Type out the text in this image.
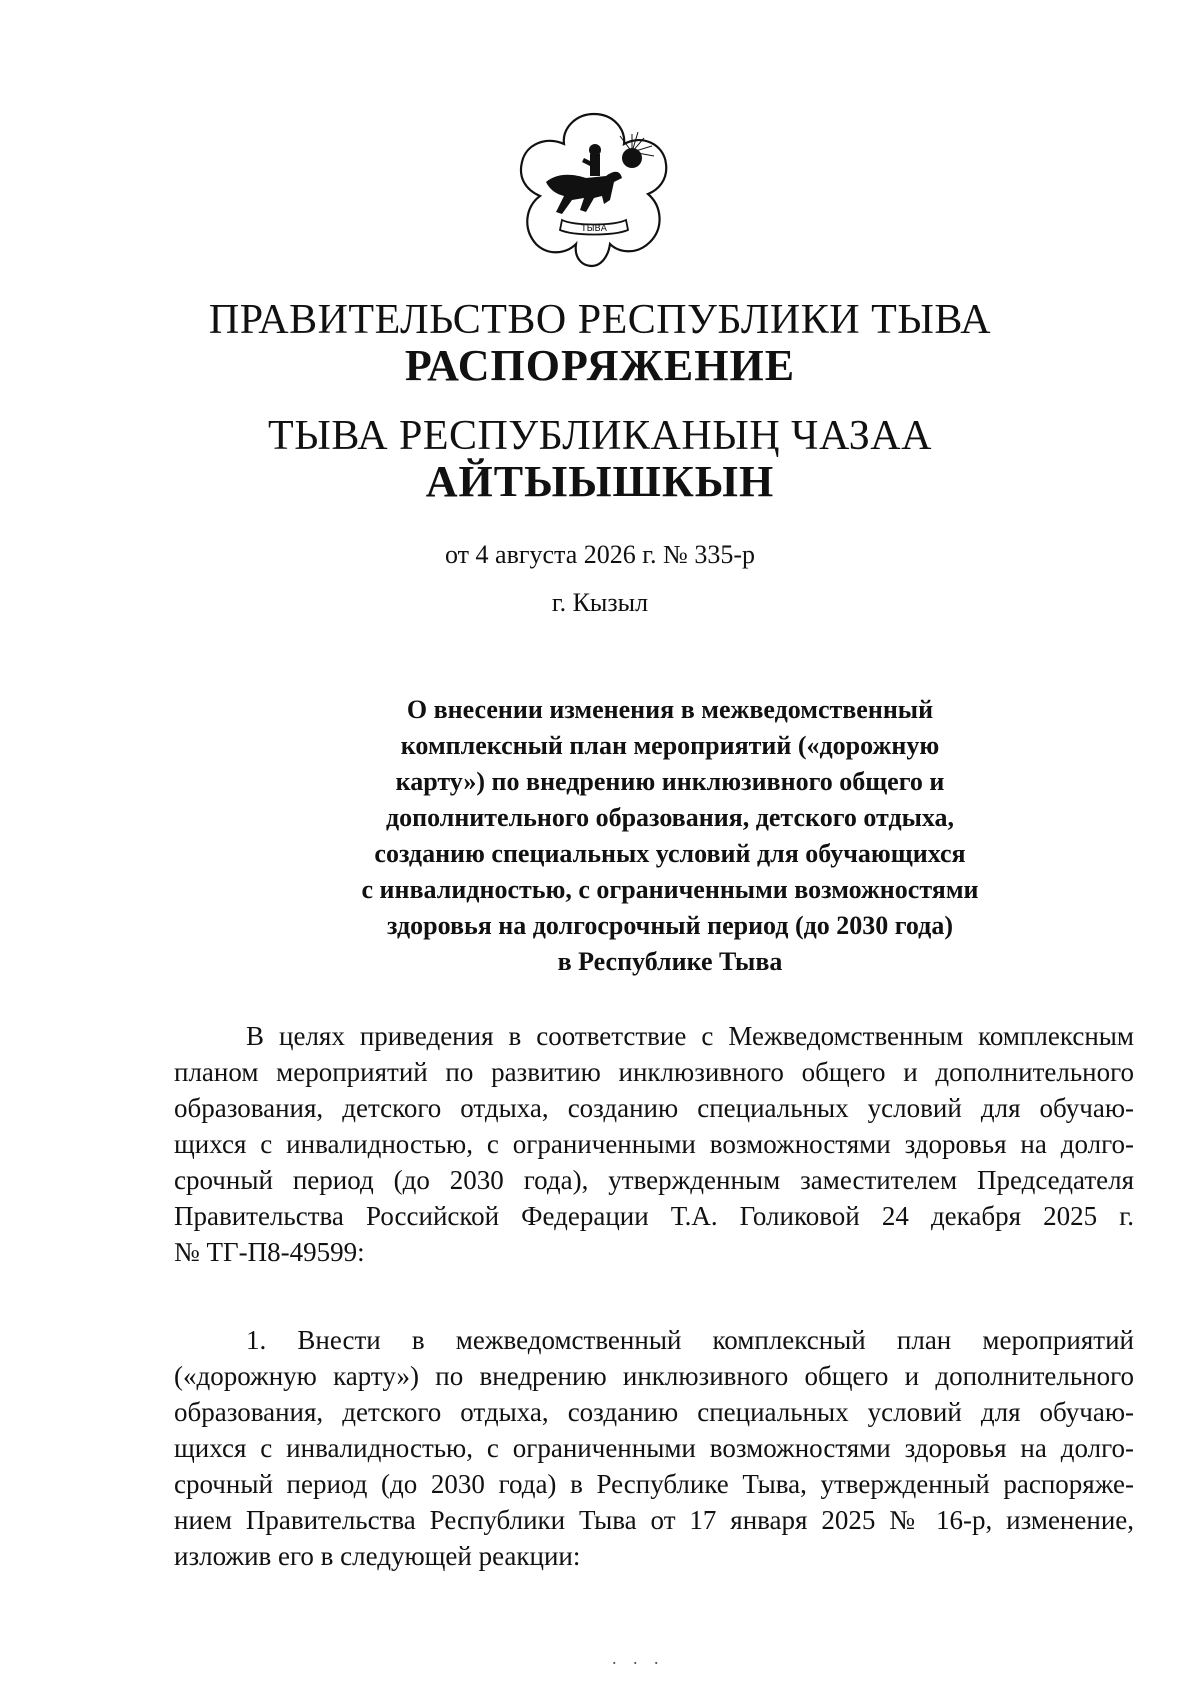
ТЫВА
ПРАВИТЕЛЬСТВО РЕСПУБЛИКИ ТЫВА
РАСПОРЯЖЕНИЕ
ТЫВА РЕСПУБЛИКАНЫҢ ЧАЗАА
АЙТЫЫШКЫН
от 4 августа 2026 г. № 335-р
г. Кызыл
О внесении изменения в межведомственный
комплексный план мероприятий («дорожную
карту») по внедрению инклюзивного общего и
дополнительного образования, детского отдыха,
созданию специальных условий для обучающихся
с инвалидностью, с ограниченными возможностями
здоровья на долгосрочный период (до 2030 года)
в Республике Тыва
В целях приведения в соответствие с Межведомственным комплексным
планом мероприятий по развитию инклюзивного общего и дополнительного
образования, детского отдыха, созданию специальных условий для обучаю-
щихся с инвалидностью, с ограниченными возможностями здоровья на долго-
срочный период (до 2030 года), утвержденным заместителем Председателя
Правительства Российской Федерации Т.А. Голиковой 24 декабря 2025 г.
№ ТГ-П8-49599:
1. Внести в межведомственный комплексный план мероприятий
(«дорожную карту») по внедрению инклюзивного общего и дополнительного
образования, детского отдыха, созданию специальных условий для обучаю-
щихся с инвалидностью, с ограниченными возможностями здоровья на долго-
срочный период (до 2030 года) в Республике Тыва, утвержденный распоряже-
нием Правительства Республики Тыва от 17 января 2025 № 16-р, изменение,
изложив его в следующей реакции:
. . .
